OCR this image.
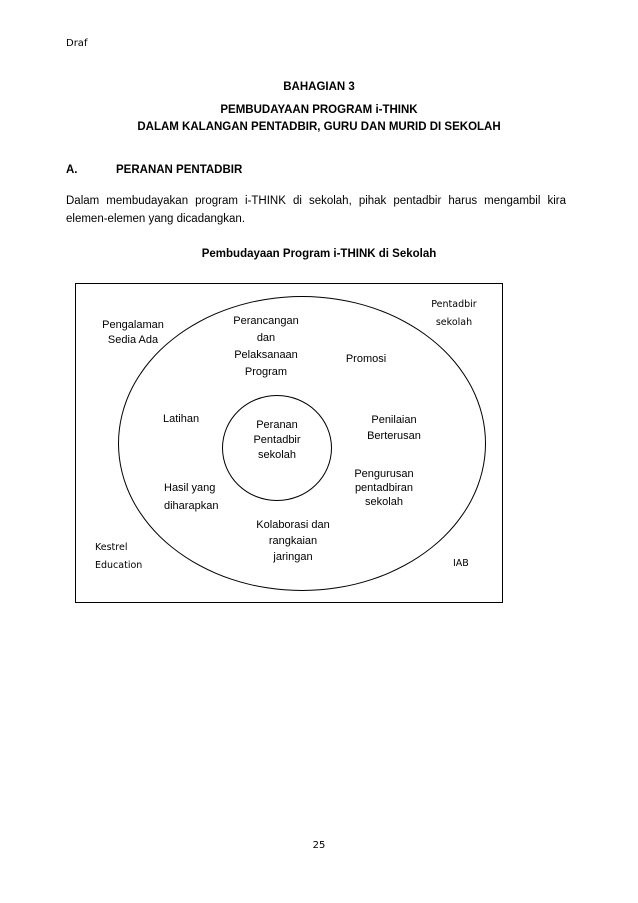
Draf
BAHAGIAN 3
PEMBUDAYAAN PROGRAM i-THINK
DALAM KALANGAN PENTADBIR, GURU DAN MURID DI SEKOLAH
A.	PERANAN PENTADBIR
Dalam membudayakan program i-THINK di sekolah, pihak pentadbir harus mengambil kira elemen-elemen yang dicadangkan.
Pembudayaan Program i-THINK di Sekolah
Peranan
Pentadbir
sekolah
Perancangan
dan
Pelaksanaan
Program
Promosi
Penilaian
Berterusan
Pengurusan
pentadbiran
sekolah
Kolaborasi dan
rangkaian
jaringan
Hasil yang
diharapkan
Latihan
Pengalaman
Sedia Ada
Pentadbir
sekolah
Kestrel
Education	IAB
25
